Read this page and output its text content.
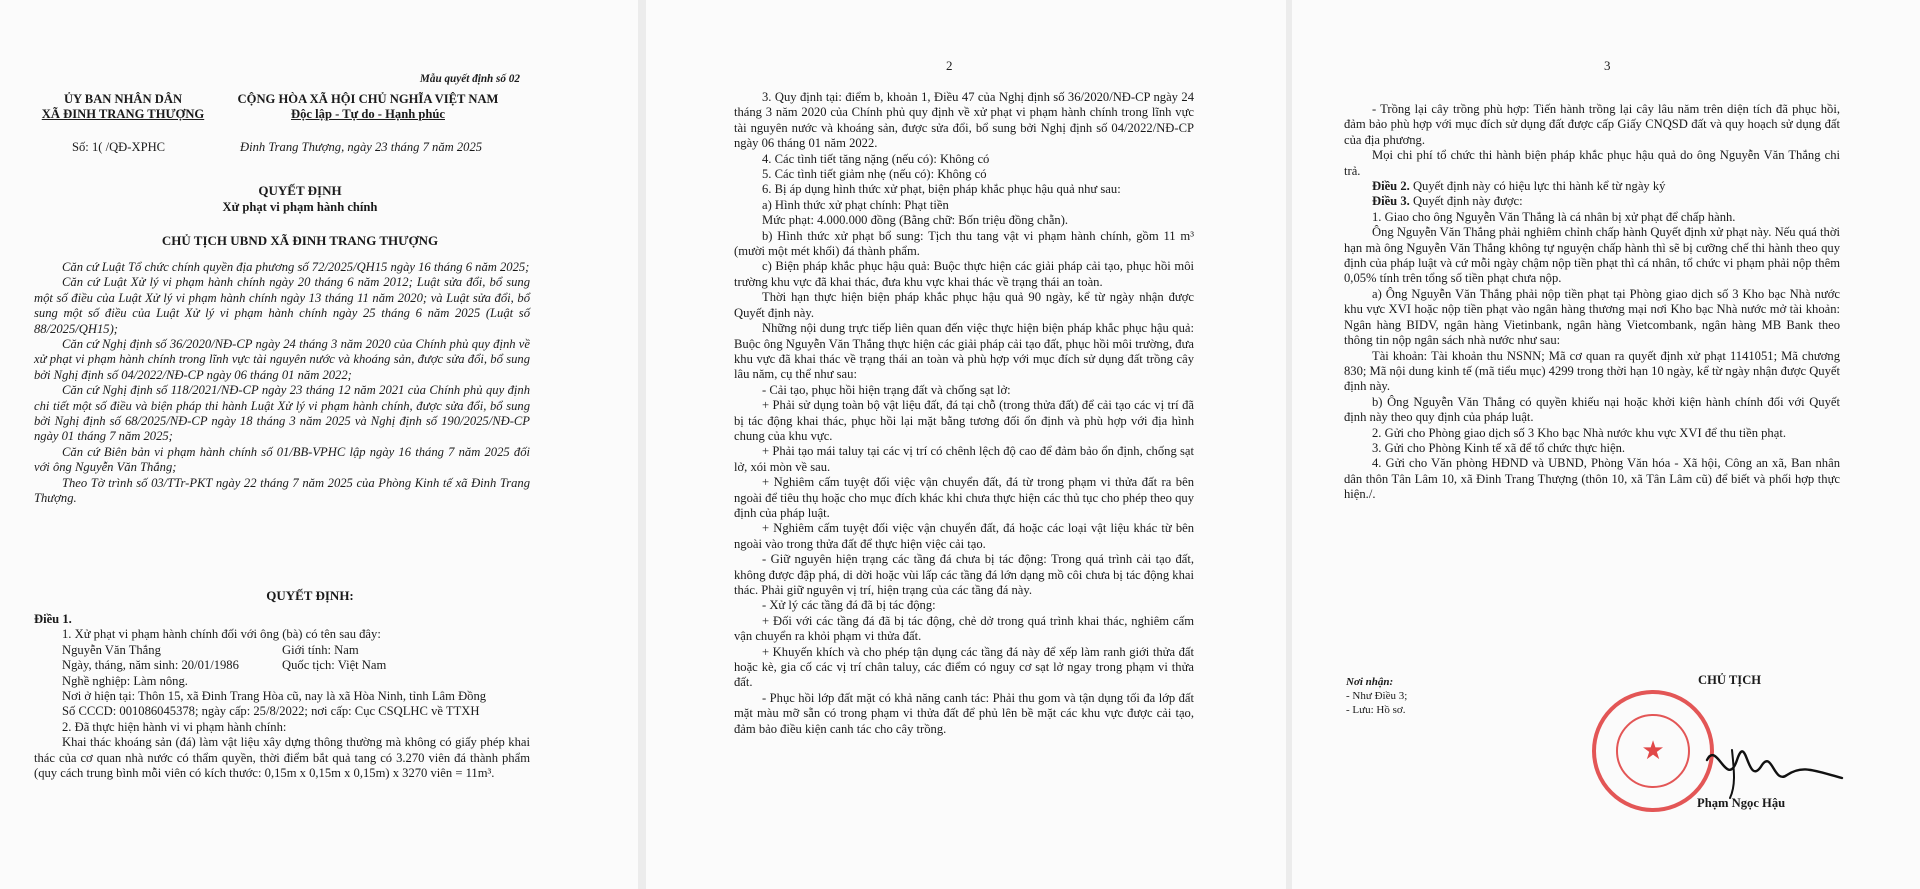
Mẫu quyết định số 02
ỦY BAN NHÂN DÂN
XÃ ĐINH TRANG THƯỢNG
CỘNG HÒA XÃ HỘI CHỦ NGHĨA VIỆT NAM
Độc lập - Tự do - Hạnh phúc
Số: 1( /QĐ-XPHC	Đinh Trang Thượng, ngày 23 tháng 7 năm 2025
QUYẾT ĐỊNH
Xử phạt vi phạm hành chính
CHỦ TỊCH UBND XÃ ĐINH TRANG THƯỢNG

Căn cứ Luật Tổ chức chính quyền địa phương số 72/2025/QH15 ngày 16 tháng 6 năm 2025;

Căn cứ Luật Xử lý vi phạm hành chính ngày 20 tháng 6 năm 2012; Luật sửa đổi, bổ sung một số điều của Luật Xử lý vi phạm hành chính ngày 13 tháng 11 năm 2020; và Luật sửa đổi, bổ sung một số điều của Luật Xử lý vi phạm hành chính ngày 25 tháng 6 năm 2025 (Luật số 88/2025/QH15);

Căn cứ Nghị định số 36/2020/NĐ-CP ngày 24 tháng 3 năm 2020 của Chính phủ quy định về xử phạt vi phạm hành chính trong lĩnh vực tài nguyên nước và khoáng sản, được sửa đổi, bổ sung bởi Nghị định số 04/2022/NĐ-CP ngày 06 tháng 01 năm 2022;

Căn cứ Nghị định số 118/2021/NĐ-CP ngày 23 tháng 12 năm 2021 của Chính phủ quy định chi tiết một số điều và biện pháp thi hành Luật Xử lý vi phạm hành chính, được sửa đổi, bổ sung bởi Nghị định số 68/2025/NĐ-CP ngày 18 tháng 3 năm 2025 và Nghị định số 190/2025/NĐ-CP ngày 01 tháng 7 năm 2025;

Căn cứ Biên bản vi phạm hành chính số 01/BB-VPHC lập ngày 16 tháng 7 năm 2025 đối với ông Nguyễn Văn Thắng;

Theo Tờ trình số 03/TTr-PKT ngày 22 tháng 7 năm 2025 của Phòng Kinh tế xã Đinh Trang Thượng.

QUYẾT ĐỊNH:

Điều 1.

1. Xử phạt vi phạm hành chính đối với ông (bà) có tên sau đây:

Nguyễn Văn Thắng	Giới tính: Nam
Ngày, tháng, năm sinh: 20/01/1986	Quốc tịch: Việt Nam

Nghề nghiệp: Làm nông.

Nơi ở hiện tại: Thôn 15, xã Đinh Trang Hòa cũ, nay là xã Hòa Ninh, tỉnh Lâm Đồng

Số CCCD: 001086045378; ngày cấp: 25/8/2022; nơi cấp: Cục CSQLHC về TTXH

2. Đã thực hiện hành vi vi phạm hành chính:

Khai thác khoáng sản (đá) làm vật liệu xây dựng thông thường mà không có giấy phép khai thác của cơ quan nhà nước có thẩm quyền, thời điểm bắt quả tang có 3.270 viên đá thành phẩm (quy cách trung bình mỗi viên có kích thước: 0,15m x 0,15m x 0,15m) x 3270 viên = 11m³.

2

3. Quy định tại: điểm b, khoản 1, Điều 47 của Nghị định số 36/2020/NĐ-CP ngày 24 tháng 3 năm 2020 của Chính phủ quy định về xử phạt vi phạm hành chính trong lĩnh vực tài nguyên nước và khoáng sản, được sửa đổi, bổ sung bởi Nghị định số 04/2022/NĐ-CP ngày 06 tháng 01 năm 2022.

4. Các tình tiết tăng nặng (nếu có): Không có

5. Các tình tiết giảm nhẹ (nếu có): Không có

6. Bị áp dụng hình thức xử phạt, biện pháp khắc phục hậu quả như sau:

a) Hình thức xử phạt chính: Phạt tiền

Mức phạt: 4.000.000 đồng (Bằng chữ: Bốn triệu đồng chẵn).

b) Hình thức xử phạt bổ sung: Tịch thu tang vật vi phạm hành chính, gồm 11 m³ (mười một mét khối) đá thành phẩm.

c) Biện pháp khắc phục hậu quả: Buộc thực hiện các giải pháp cải tạo, phục hồi môi trường khu vực đã khai thác, đưa khu vực khai thác về trạng thái an toàn.

Thời hạn thực hiện biện pháp khắc phục hậu quả 90 ngày, kể từ ngày nhận được Quyết định này.

Những nội dung trực tiếp liên quan đến việc thực hiện biện pháp khắc phục hậu quả: Buộc ông Nguyễn Văn Thắng thực hiện các giải pháp cải tạo đất, phục hồi môi trường, đưa khu vực đã khai thác về trạng thái an toàn và phù hợp với mục đích sử dụng đất trồng cây lâu năm, cụ thể như sau:

- Cải tạo, phục hồi hiện trạng đất và chống sạt lở:

+ Phải sử dụng toàn bộ vật liệu đất, đá tại chỗ (trong thửa đất) để cải tạo các vị trí đã bị tác động khai thác, phục hồi lại mặt bằng tương đối ổn định và phù hợp với địa hình chung của khu vực.

+ Phải tạo mái taluy tại các vị trí có chênh lệch độ cao để đảm bảo ổn định, chống sạt lở, xói mòn về sau.

+ Nghiêm cấm tuyệt đối việc vận chuyển đất, đá từ trong phạm vi thửa đất ra bên ngoài để tiêu thụ hoặc cho mục đích khác khi chưa thực hiện các thủ tục cho phép theo quy định của pháp luật.

+ Nghiêm cấm tuyệt đối việc vận chuyển đất, đá hoặc các loại vật liệu khác từ bên ngoài vào trong thửa đất để thực hiện việc cải tạo.

- Giữ nguyên hiện trạng các tầng đá chưa bị tác động: Trong quá trình cải tạo đất, không được đập phá, di dời hoặc vùi lấp các tầng đá lớn dạng mồ côi chưa bị tác động khai thác. Phải giữ nguyên vị trí, hiện trạng của các tầng đá này.

- Xử lý các tầng đá đã bị tác động:

+ Đối với các tầng đá đã bị tác động, chẻ dở trong quá trình khai thác, nghiêm cấm vận chuyển ra khỏi phạm vi thửa đất.

+ Khuyến khích và cho phép tận dụng các tầng đá này để xếp làm ranh giới thửa đất hoặc kè, gia cố các vị trí chân taluy, các điểm có nguy cơ sạt lở ngay trong phạm vi thửa đất.

- Phục hồi lớp đất mặt có khả năng canh tác: Phải thu gom và tận dụng tối đa lớp đất mặt màu mỡ sẵn có trong phạm vi thửa đất để phủ lên bề mặt các khu vực được cải tạo, đảm bảo điều kiện canh tác cho cây trồng.

3

- Trồng lại cây trồng phù hợp: Tiến hành trồng lại cây lâu năm trên diện tích đã phục hồi, đảm bảo phù hợp với mục đích sử dụng đất được cấp Giấy CNQSD đất và quy hoạch sử dụng đất của địa phương.

Mọi chi phí tổ chức thi hành biện pháp khắc phục hậu quả do ông Nguyễn Văn Thắng chi trả.

Điều 2. Quyết định này có hiệu lực thi hành kể từ ngày ký

Điều 3. Quyết định này được:

1. Giao cho ông Nguyễn Văn Thắng là cá nhân bị xử phạt để chấp hành.

Ông Nguyễn Văn Thắng phải nghiêm chỉnh chấp hành Quyết định xử phạt này. Nếu quá thời hạn mà ông Nguyễn Văn Thắng không tự nguyện chấp hành thì sẽ bị cưỡng chế thi hành theo quy định của pháp luật và cứ mỗi ngày chậm nộp tiền phạt thì cá nhân, tổ chức vi phạm phải nộp thêm 0,05% tính trên tổng số tiền phạt chưa nộp.

a) Ông Nguyễn Văn Thắng phải nộp tiền phạt tại Phòng giao dịch số 3 Kho bạc Nhà nước khu vực XVI hoặc nộp tiền phạt vào ngân hàng thương mại nơi Kho bạc Nhà nước mở tài khoản: Ngân hàng BIDV, ngân hàng Vietinbank, ngân hàng Vietcombank, ngân hàng MB Bank theo thông tin nộp ngân sách nhà nước như sau:

Tài khoản: Tài khoản thu NSNN; Mã cơ quan ra quyết định xử phạt 1141051; Mã chương 830; Mã nội dung kinh tế (mã tiểu mục) 4299 trong thời hạn 10 ngày, kể từ ngày nhận được Quyết định này.

b) Ông Nguyễn Văn Thắng có quyền khiếu nại hoặc khởi kiện hành chính đối với Quyết định này theo quy định của pháp luật.

2. Gửi cho Phòng giao dịch số 3 Kho bạc Nhà nước khu vực XVI để thu tiền phạt.

3. Gửi cho Phòng Kinh tế xã để tổ chức thực hiện.

4. Gửi cho Văn phòng HĐND và UBND, Phòng Văn hóa - Xã hội, Công an xã, Ban nhân dân thôn Tân Lâm 10, xã Đinh Trang Thượng (thôn 10, xã Tân Lâm cũ) để biết và phối hợp thực hiện./.

Nơi nhận:
- Như Điều 3;
- Lưu: Hồ sơ.
CHỦ TỊCH
★
Phạm Ngọc Hậu
